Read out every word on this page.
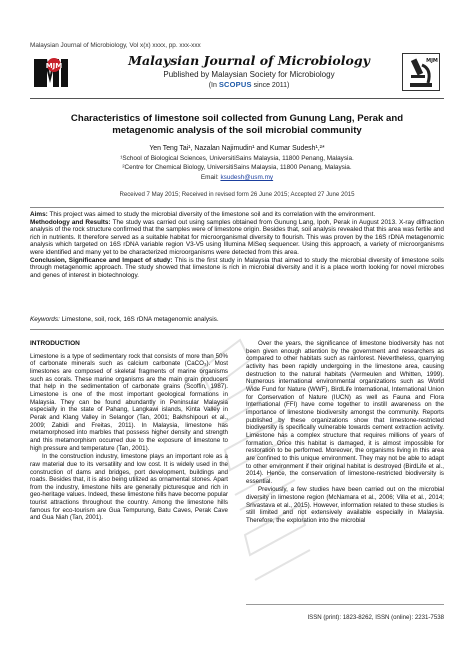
Malaysian Journal of Microbiology, Vol x(x) xxxx, pp. xxx-xxx
MJM	Malaysian Journal of Microbiology
Published by Malaysian Society for Microbiology
(In SCOPUS since 2011)
MJM
Characteristics of limestone soil collected from Gunung Lang, Perak and
metagenomic analysis of the soil microbial community
Yen Teng Tai¹, Nazalan Najimudin¹ and Kumar Sudesh¹,²*
¹School of Biological Sciences, UniversitiSains Malaysia, 11800 Penang, Malaysia.
²Centre for Chemical Biology, UniversitiSains Malaysia, 11800 Penang, Malaysia.
Email: ksudesh@usm.my
Received 7 May 2015; Received in revised form 26 June 2015; Accepted 27 June 2015

Aims: This project was aimed to study the microbial diversity of the limestone soil and its correlation with the environment.

Methodology and Results: The study was carried out using samples obtained from Gunung Lang, Ipoh, Perak in August 2013. X-ray diffraction analysis of the rock structure confirmed that the samples were of limestone origin. Besides that, soil analysis revealed that this area was fertile and rich in nutrients. It therefore served as a suitable habitat for microorganismal diversity to flourish. This was proven by the 16S rDNA metagenomic analysis which targeted on 16S rDNA variable region V3-V5 using Illumina MiSeq sequencer. Using this approach, a variety of microorganisms were identified and many yet to be characterized microorganisms were detected from this area.

Conclusion, Significance and Impact of study: This is the first study in Malaysia that aimed to study the microbial diversity of limestone soils through metagenomic approach. The study showed that limestone is rich in microbial diversity and it is a place worth looking for novel microbes and genes of interest in biotechnology.

Keywords: Limestone, soil, rock, 16S rDNA metagenomic analysis.
INTRODUCTION

Limestone is a type of sedimentary rock that consists of more than 50% of carbonate minerals such as calcium carbonate (CaCO₃). Most limestones are composed of skeletal fragments of marine organisms such as corals. These marine organisms are the main grain producers that help in the sedimentation of carbonate grains (Scoffin, 1987). Limestone is one of the most important geological formations in Malaysia. They can be found abundantly in Peninsular Malaysia especially in the state of Pahang, Langkawi islands, Kinta Valley in Perak and Klang Valley in Selangor (Tan, 2001; Bakhshipouri et al., 2009; Zabidi and Freitas, 2011). In Malaysia, limestone has metamorphosed into marbles that possess higher density and strength and this metamorphism occurred due to the exposure of limestone to high pressure and temperature (Tan, 2001).

In the construction industry, limestone plays an important role as a raw material due to its versatility and low cost. It is widely used in the construction of dams and bridges, port development, buildings and roads. Besides that, it is also being utilized as ornamental stones. Apart from the industry, limestone hills are generally picturesque and rich in geo-heritage values. Indeed, these limestone hills have become popular tourist attractions throughout the country. Among the limestone hills famous for eco-tourism are Gua Tempurung, Batu Caves, Perak Cave and Gua Niah (Tan, 2001).

Over the years, the significance of limestone biodiversity has not been given enough attention by the government and researchers as compared to other habitats such as rainforest. Nevertheless, quarrying activity has been rapidly undergoing in the limestone area, causing destruction to the natural habitats (Vermeulen and Whitten, 1999). Numerous international environmental organizations such as World Wide Fund for Nature (WWF), BirdLife International, International Union for Conservation of Nature (IUCN) as well as Fauna and Flora International (FFI) have come together to instill awareness on the importance of limestone biodiversity amongst the community. Reports published by these organizations show that limestone-restricted biodiversity is specifically vulnerable towards cement extraction activity. Limestone has a complex structure that requires millions of years of formation. Once this habitat is damaged, it is almost impossible for restoration to be performed. Moreover, the organisms living in this area are confined to this unique environment. They may not be able to adapt to other environment if their original habitat is destroyed (BirdLife et al., 2014). Hence, the conservation of limestone-restricted biodiversity is essential.

Previously, a few studies have been carried out on the microbial diversity in limestone region (McNamara et al., 2006; Villa et al., 2014; Srivastava et al., 2015). However, information related to these studies is still limited and not extensively available especially in Malaysia. Therefore, the exploration into the microbial

ISSN (print): 1823-8262, ISSN (online): 2231-7538
